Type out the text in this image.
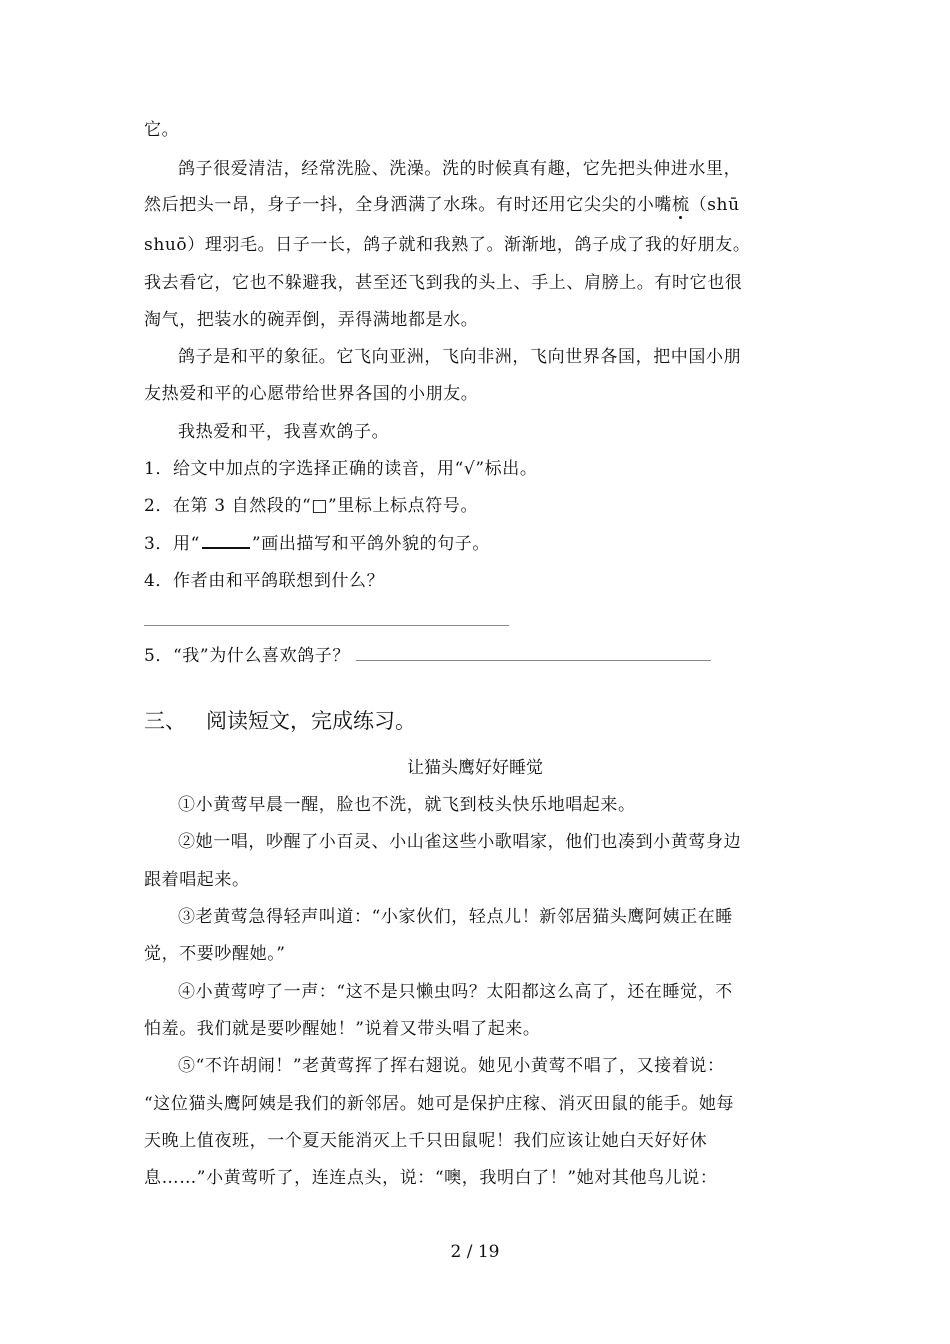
它。
鸽子很爱清洁，经常洗脸、洗澡。洗的时候真有趣，它先把头伸进水里，
然后把头一昂，身子一抖，全身洒满了水珠。有时还用它尖尖的小嘴梳（shū
shuō）理羽毛。日子一长，鸽子就和我熟了。渐渐地，鸽子成了我的好朋友。
我去看它，它也不躲避我，甚至还飞到我的头上、手上、肩膀上。有时它也很
淘气，把装水的碗弄倒，弄得满地都是水。
鸽子是和平的象征。它飞向亚洲，飞向非洲，飞向世界各国，把中国小朋
友热爱和平的心愿带给世界各国的小朋友。
我热爱和平，我喜欢鸽子。
1．给文中加点的字选择正确的读音，用“√”标出。
2．在第 3 自然段的“□”里标上标点符号。
3．用“	”画出描写和平鸽外貌的句子。
4．作者由和平鸽联想到什么？
5．“我”为什么喜欢鸽子？
三、 阅读短文，完成练习。
让猫头鹰好好睡觉
①小黄莺早晨一醒，脸也不洗，就飞到枝头快乐地唱起来。
②她一唱，吵醒了小百灵、小山雀这些小歌唱家，他们也凑到小黄莺身边
跟着唱起来。
③老黄莺急得轻声叫道：“小家伙们，轻点儿！新邻居猫头鹰阿姨正在睡
觉，不要吵醒她。”
④小黄莺哼了一声：“这不是只懒虫吗？太阳都这么高了，还在睡觉，不
怕羞。我们就是要吵醒她！”说着又带头唱了起来。
⑤“不许胡闹！”老黄莺挥了挥右翅说。她见小黄莺不唱了，又接着说：
“这位猫头鹰阿姨是我们的新邻居。她可是保护庄稼、消灭田鼠的能手。她每
天晚上值夜班，一个夏天能消灭上千只田鼠呢！我们应该让她白天好好休
息……”小黄莺听了，连连点头，说：“噢，我明白了！”她对其他鸟儿说：
2 / 19
